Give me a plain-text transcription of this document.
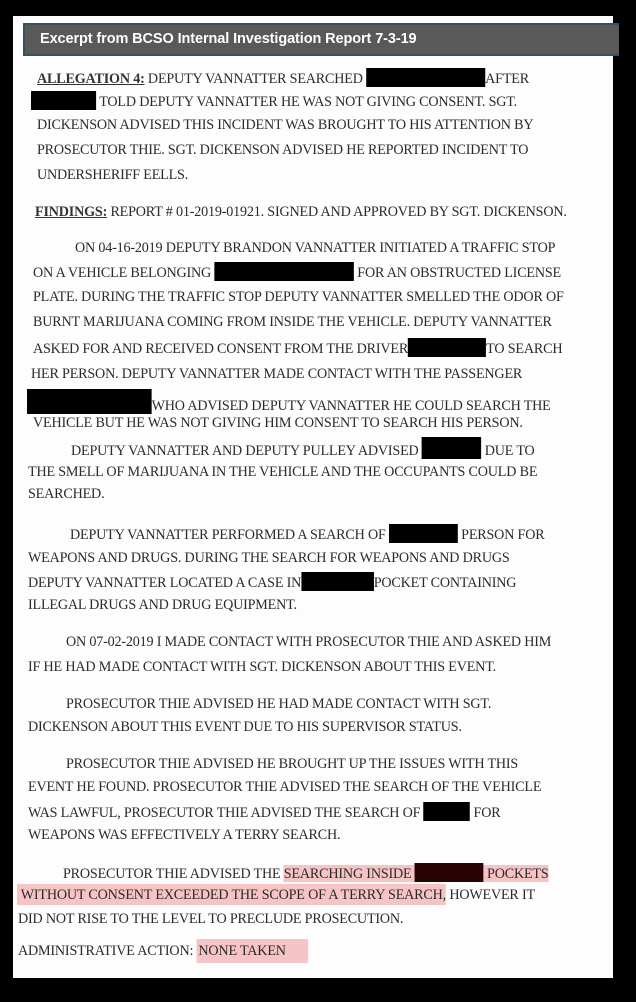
Excerpt from BCSO Internal Investigation Report 7-3-19
ALLEGATION 4: DEPUTY VANNATTER SEARCHED	AFTER
TOLD DEPUTY VANNATTER HE WAS NOT GIVING CONSENT. SGT.
DICKENSON ADVISED THIS INCIDENT WAS BROUGHT TO HIS ATTENTION BY
PROSECUTOR THIE. SGT. DICKENSON ADVISED HE REPORTED INCIDENT TO
UNDERSHERIFF EELLS.
FINDINGS: REPORT # 01-2019-01921. SIGNED AND APPROVED BY SGT. DICKENSON.
ON 04-16-2019 DEPUTY BRANDON VANNATTER INITIATED A TRAFFIC STOP
ON A VEHICLE BELONGING	FOR AN OBSTRUCTED LICENSE
PLATE. DURING THE TRAFFIC STOP DEPUTY VANNATTER SMELLED THE ODOR OF
BURNT MARIJUANA COMING FROM INSIDE THE VEHICLE. DEPUTY VANNATTER
ASKED FOR AND RECEIVED CONSENT FROM THE DRIVER	TO SEARCH
HER PERSON. DEPUTY VANNATTER MADE CONTACT WITH THE PASSENGER
WHO ADVISED DEPUTY VANNATTER HE COULD SEARCH THE
VEHICLE BUT HE WAS NOT GIVING HIM CONSENT TO SEARCH HIS PERSON.
DEPUTY VANNATTER AND DEPUTY PULLEY ADVISED	DUE TO
THE SMELL OF MARIJUANA IN THE VEHICLE AND THE OCCUPANTS COULD BE
SEARCHED.
DEPUTY VANNATTER PERFORMED A SEARCH OF	PERSON FOR
WEAPONS AND DRUGS. DURING THE SEARCH FOR WEAPONS AND DRUGS
DEPUTY VANNATTER LOCATED A CASE IN	POCKET CONTAINING
ILLEGAL DRUGS AND DRUG EQUIPMENT.
ON 07-02-2019 I MADE CONTACT WITH PROSECUTOR THIE AND ASKED HIM
IF HE HAD MADE CONTACT WITH SGT. DICKENSON ABOUT THIS EVENT.
PROSECUTOR THIE ADVISED HE HAD MADE CONTACT WITH SGT.
DICKENSON ABOUT THIS EVENT DUE TO HIS SUPERVISOR STATUS.
PROSECUTOR THIE ADVISED HE BROUGHT UP THE ISSUES WITH THIS
EVENT HE FOUND. PROSECUTOR THIE ADVISED THE SEARCH OF THE VEHICLE
WAS LAWFUL, PROSECUTOR THIE ADVISED THE SEARCH OF	FOR
WEAPONS WAS EFFECTIVELY A TERRY SEARCH.
PROSECUTOR THIE ADVISED THE SEARCHING INSIDE	POCKETS
WITHOUT CONSENT EXCEEDED THE SCOPE OF A TERRY SEARCH, HOWEVER IT
DID NOT RISE TO THE LEVEL TO PRECLUDE PROSECUTION.
ADMINISTRATIVE ACTION: NONE TAKEN
